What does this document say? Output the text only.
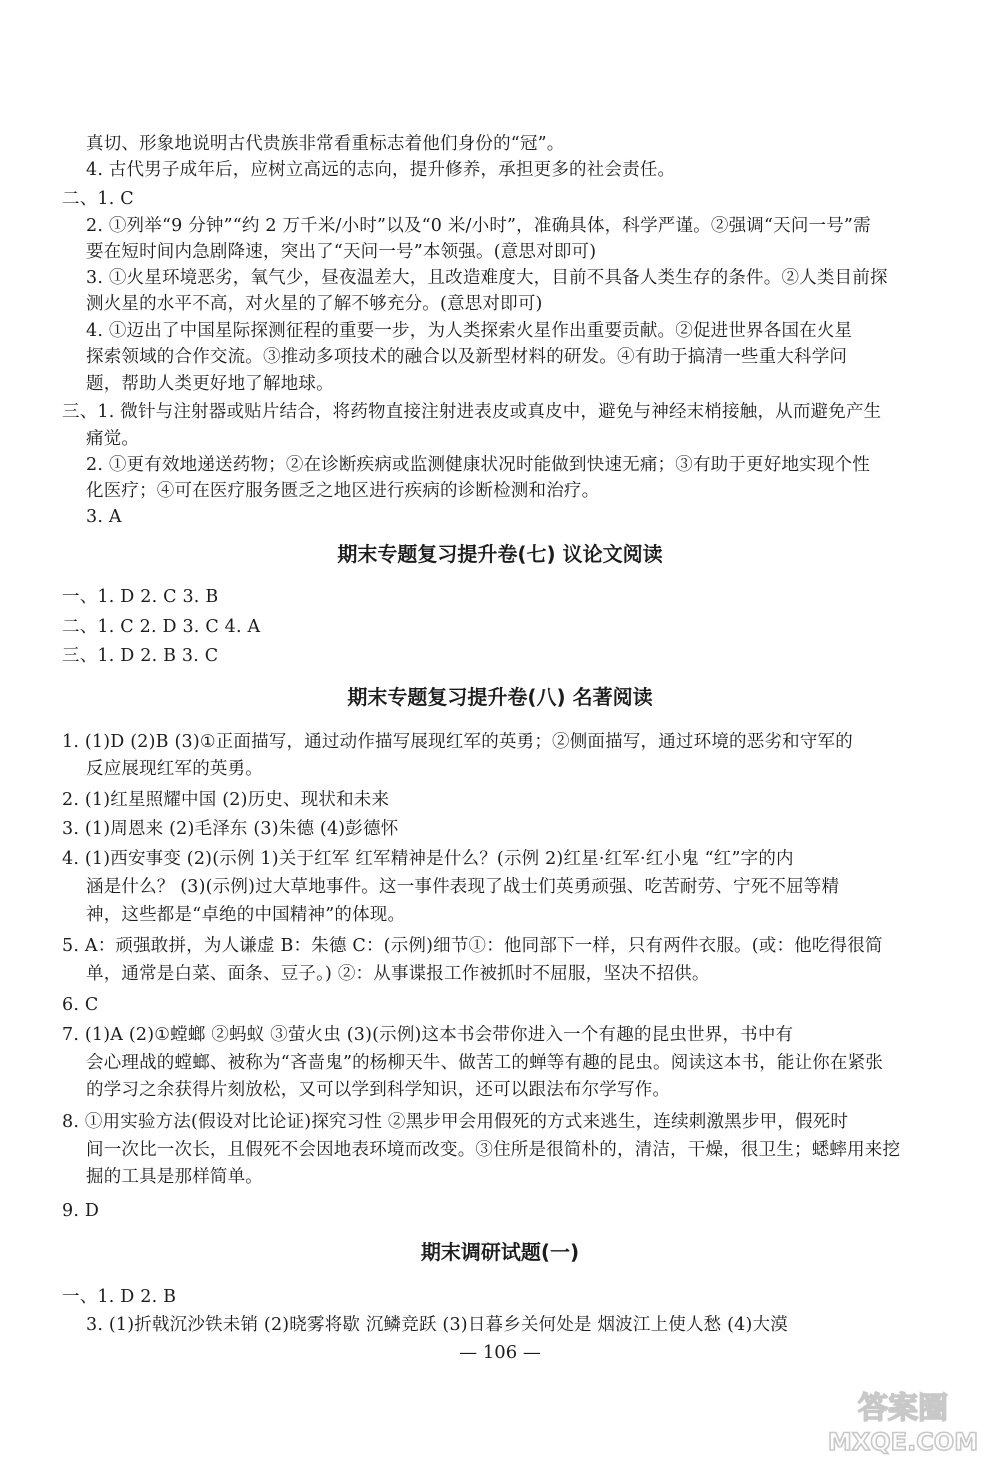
真切、形象地说明古代贵族非常看重标志着他们身份的“冠”。
4. 古代男子成年后，应树立高远的志向，提升修养，承担更多的社会责任。
二、1. C
2. ①列举“9 分钟”“约 2 万千米/小时”以及“0 米/小时”，准确具体，科学严谨。②强调“天问一号”需
要在短时间内急剧降速，突出了“天问一号”本领强。(意思对即可)
3. ①火星环境恶劣，氧气少，昼夜温差大，且改造难度大，目前不具备人类生存的条件。②人类目前探
测火星的水平不高，对火星的了解不够充分。(意思对即可)
4. ①迈出了中国星际探测征程的重要一步，为人类探索火星作出重要贡献。②促进世界各国在火星
探索领域的合作交流。③推动多项技术的融合以及新型材料的研发。④有助于搞清一些重大科学问
题，帮助人类更好地了解地球。
三、1. 微针与注射器或贴片结合，将药物直接注射进表皮或真皮中，避免与神经末梢接触，从而避免产生
痛觉。
2. ①更有效地递送药物；②在诊断疾病或监测健康状况时能做到快速无痛；③有助于更好地实现个性
化医疗；④可在医疗服务匮乏之地区进行疾病的诊断检测和治疗。
3. A
期末专题复习提升卷(七) 议论文阅读
一、1. D 2. C 3. B
二、1. C 2. D 3. C 4. A
三、1. D 2. B 3. C
期末专题复习提升卷(八) 名著阅读
1. (1)D (2)B (3)①正面描写，通过动作描写展现红军的英勇；②侧面描写，通过环境的恶劣和守军的
反应展现红军的英勇。
2. (1)红星照耀中国 (2)历史、现状和未来
3. (1)周恩来 (2)毛泽东 (3)朱德 (4)彭德怀
4. (1)西安事变 (2)(示例 1)关于红军 红军精神是什么？(示例 2)红星·红军·红小鬼 “红”字的内
涵是什么？ (3)(示例)过大草地事件。这一事件表现了战士们英勇顽强、吃苦耐劳、宁死不屈等精
神，这些都是“卓绝的中国精神”的体现。
5. A：顽强敢拼，为人谦虚 B：朱德 C：(示例)细节①：他同部下一样，只有两件衣服。(或：他吃得很简
单，通常是白菜、面条、豆子。) ②：从事谍报工作被抓时不屈服，坚决不招供。
6. C
7. (1)A (2)①螳螂 ②蚂蚁 ③萤火虫 (3)(示例)这本书会带你进入一个有趣的昆虫世界，书中有
会心理战的螳螂、被称为“吝啬鬼”的杨柳天牛、做苦工的蝉等有趣的昆虫。阅读这本书，能让你在紧张
的学习之余获得片刻放松，又可以学到科学知识，还可以跟法布尔学写作。
8. ①用实验方法(假设对比论证)探究习性 ②黑步甲会用假死的方式来逃生，连续刺激黑步甲，假死时
间一次比一次长，且假死不会因地表环境而改变。③住所是很简朴的，清洁，干燥，很卫生；蟋蟀用来挖
掘的工具是那样简单。
9. D
期末调研试题(一)
一、1. D 2. B
3. (1)折戟沉沙铁未销 (2)晓雾将歇 沉鳞竞跃 (3)日暮乡关何处是 烟波江上使人愁 (4)大漠
— 106 —
答案圈
MXQE.COM
